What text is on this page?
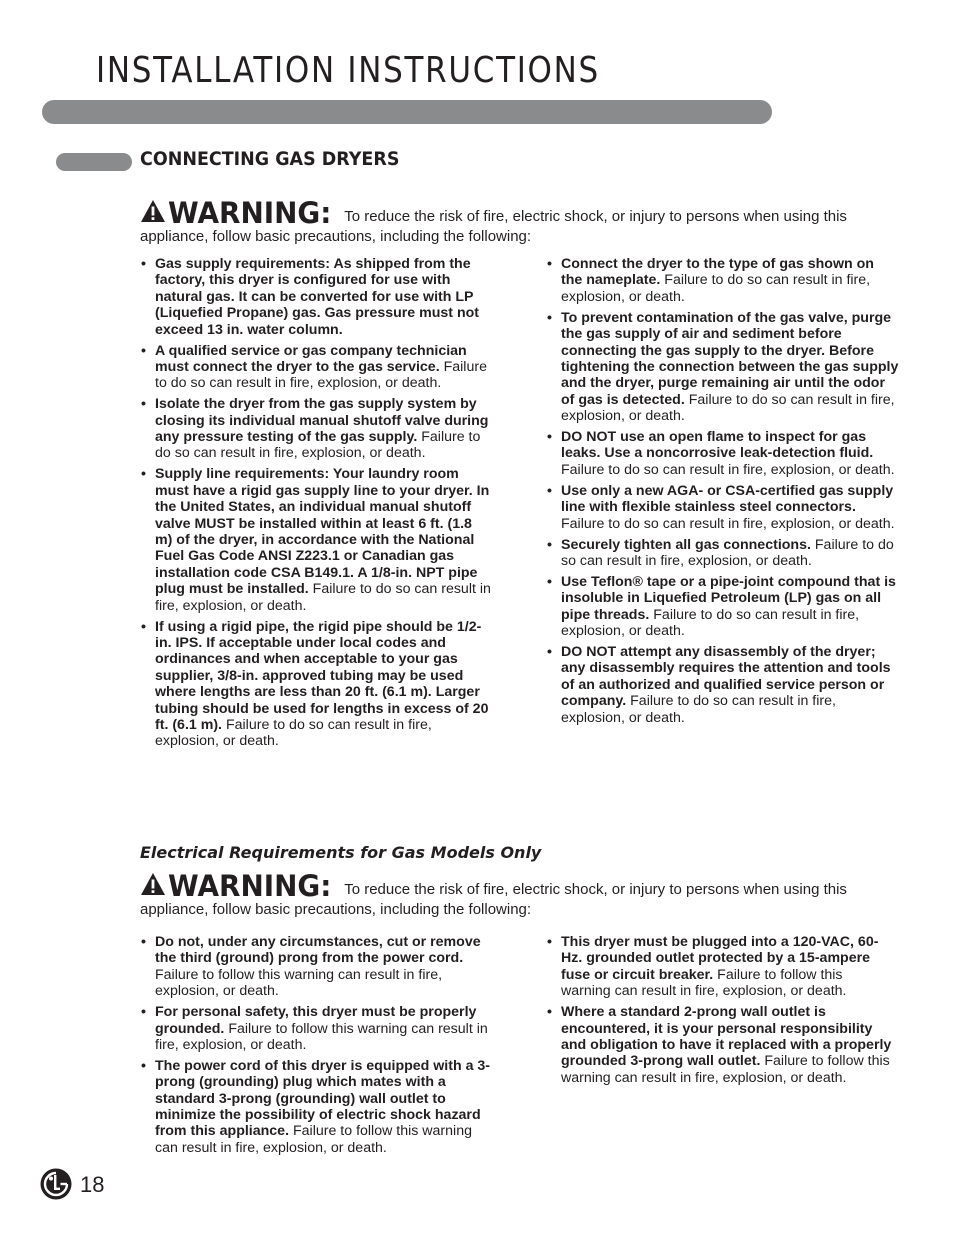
INSTALLATION INSTRUCTIONS
CONNECTING GAS DRYERS
WARNING: To reduce the risk of fire, electric shock, or injury to persons when using this
appliance, follow basic precautions, including the following:
• Gas supply requirements: As shipped from the factory, this dryer is configured for use with natural gas. It can be converted for use with LP (Liquefied Propane) gas. Gas pressure must not exceed 13 in. water column.
• A qualified service or gas company technician must connect the dryer to the gas service. Failure to do so can result in fire, explosion, or death.
• Isolate the dryer from the gas supply system by closing its individual manual shutoff valve during any pressure testing of the gas supply. Failure to do so can result in fire, explosion, or death.
• Supply line requirements: Your laundry room must have a rigid gas supply line to your dryer. In the United States, an individual manual shutoff valve MUST be installed within at least 6 ft. (1.8 m) of the dryer, in accordance with the National Fuel Gas Code ANSI Z223.1 or Canadian gas installation code CSA B149.1. A 1/8-in. NPT pipe plug must be installed. Failure to do so can result in fire, explosion, or death.
• If using a rigid pipe, the rigid pipe should be 1/2-in. IPS. If acceptable under local codes and ordinances and when acceptable to your gas supplier, 3/8-in. approved tubing may be used where lengths are less than 20 ft. (6.1 m). Larger tubing should be used for lengths in excess of 20 ft. (6.1 m). Failure to do so can result in fire, explosion, or death.
• Connect the dryer to the type of gas shown on the nameplate. Failure to do so can result in fire, explosion, or death.
• To prevent contamination of the gas valve, purge the gas supply of air and sediment before connecting the gas supply to the dryer. Before tightening the connection between the gas supply and the dryer, purge remaining air until the odor of gas is detected. Failure to do so can result in fire, explosion, or death.
• DO NOT use an open flame to inspect for gas leaks. Use a noncorrosive leak-detection fluid. Failure to do so can result in fire, explosion, or death.
• Use only a new AGA- or CSA-certified gas supply line with flexible stainless steel connectors. Failure to do so can result in fire, explosion, or death.
• Securely tighten all gas connections. Failure to do so can result in fire, explosion, or death.
• Use Teflon® tape or a pipe-joint compound that is insoluble in Liquefied Petroleum (LP) gas on all pipe threads. Failure to do so can result in fire, explosion, or death.
• DO NOT attempt any disassembly of the dryer; any disassembly requires the attention and tools of an authorized and qualified service person or company. Failure to do so can result in fire, explosion, or death.
Electrical Requirements for Gas Models Only
WARNING: To reduce the risk of fire, electric shock, or injury to persons when using this
appliance, follow basic precautions, including the following:
• Do not, under any circumstances, cut or remove the third (ground) prong from the power cord. Failure to follow this warning can result in fire, explosion, or death.
• For personal safety, this dryer must be properly grounded. Failure to follow this warning can result in fire, explosion, or death.
• The power cord of this dryer is equipped with a 3-prong (grounding) plug which mates with a standard 3-prong (grounding) wall outlet to minimize the possibility of electric shock hazard from this appliance. Failure to follow this warning can result in fire, explosion, or death.
• This dryer must be plugged into a 120-VAC, 60-Hz. grounded outlet protected by a 15-ampere fuse or circuit breaker. Failure to follow this warning can result in fire, explosion, or death.
• Where a standard 2-prong wall outlet is encountered, it is your personal responsibility and obligation to have it replaced with a properly grounded 3-prong wall outlet. Failure to follow this warning can result in fire, explosion, or death.
18
